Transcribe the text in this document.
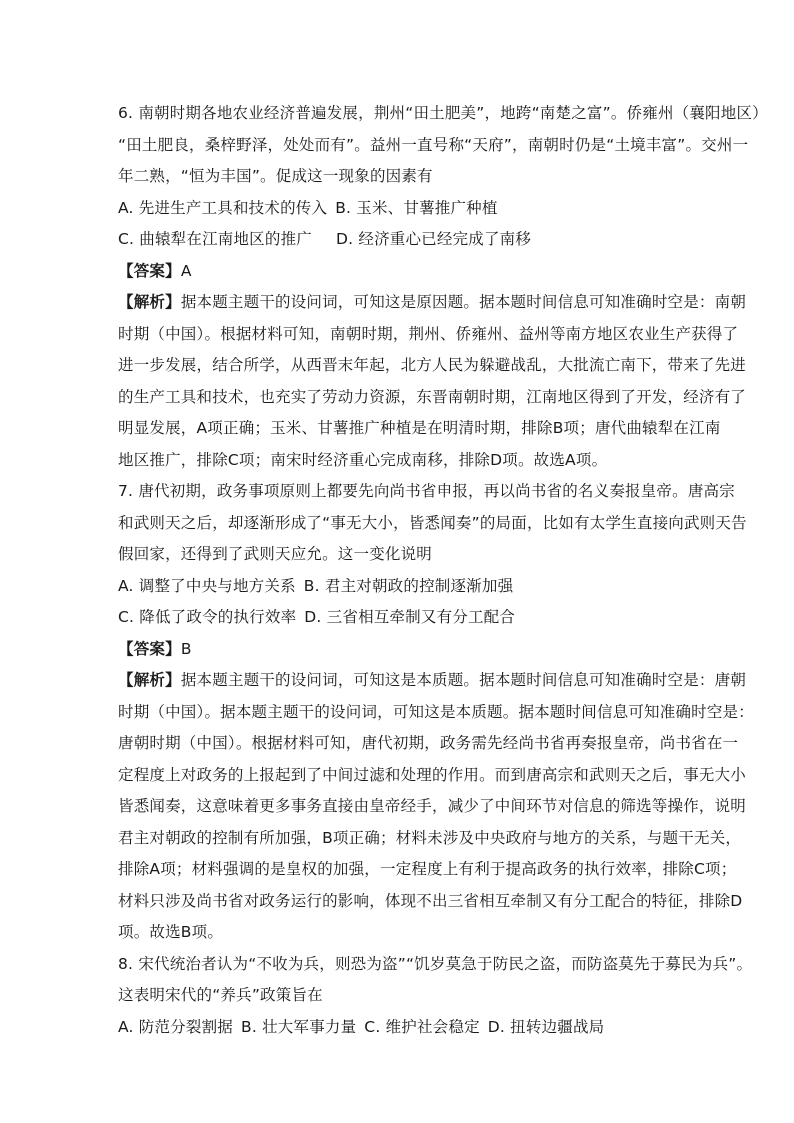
6. 南朝时期各地农业经济普遍发展，荆州“田土肥美”，地跨“南楚之富”。侨雍州（襄阳地区）
“田土肥良，桑梓野泽，处处而有”。益州一直号称“天府”，南朝时仍是“土境丰富”。交州一
年二熟，“恒为丰国”。促成这一现象的因素有
A. 先进生产工具和技术的传入 B. 玉米、甘薯推广种植
C. 曲辕犁在江南地区的推广 D. 经济重心已经完成了南移
【答案】A
【解析】据本题主题干的设问词，可知这是原因题。据本题时间信息可知准确时空是：南朝
时期（中国）。根据材料可知，南朝时期，荆州、侨雍州、益州等南方地区农业生产获得了
进一步发展，结合所学，从西晋末年起，北方人民为躲避战乱，大批流亡南下，带来了先进
的生产工具和技术，也充实了劳动力资源，东晋南朝时期，江南地区得到了开发，经济有了
明显发展，A项正确；玉米、甘薯推广种植是在明清时期，排除B项；唐代曲辕犁在江南
地区推广，排除C项；南宋时经济重心完成南移，排除D项。故选A项。
7. 唐代初期，政务事项原则上都要先向尚书省申报，再以尚书省的名义奏报皇帝。唐高宗
和武则天之后，却逐渐形成了“事无大小，皆悉闻奏”的局面，比如有太学生直接向武则天告
假回家，还得到了武则天应允。这一变化说明
A. 调整了中央与地方关系 B. 君主对朝政的控制逐渐加强
C. 降低了政令的执行效率 D. 三省相互牵制又有分工配合
【答案】B
【解析】据本题主题干的设问词，可知这是本质题。据本题时间信息可知准确时空是：唐朝
时期（中国）。据本题主题干的设问词，可知这是本质题。据本题时间信息可知准确时空是：
唐朝时期（中国）。根据材料可知，唐代初期，政务需先经尚书省再奏报皇帝，尚书省在一
定程度上对政务的上报起到了中间过滤和处理的作用。而到唐高宗和武则天之后，事无大小
皆悉闻奏，这意味着更多事务直接由皇帝经手，减少了中间环节对信息的筛选等操作，说明
君主对朝政的控制有所加强，B项正确；材料未涉及中央政府与地方的关系，与题干无关，
排除A项；材料强调的是皇权的加强，一定程度上有利于提高政务的执行效率，排除C项；
材料只涉及尚书省对政务运行的影响，体现不出三省相互牵制又有分工配合的特征，排除D
项。故选B项。
8. 宋代统治者认为“不收为兵，则恐为盗”“饥岁莫急于防民之盗，而防盗莫先于募民为兵”。
这表明宋代的“养兵”政策旨在
A. 防范分裂割据 B. 壮大军事力量 C. 维护社会稳定 D. 扭转边疆战局
